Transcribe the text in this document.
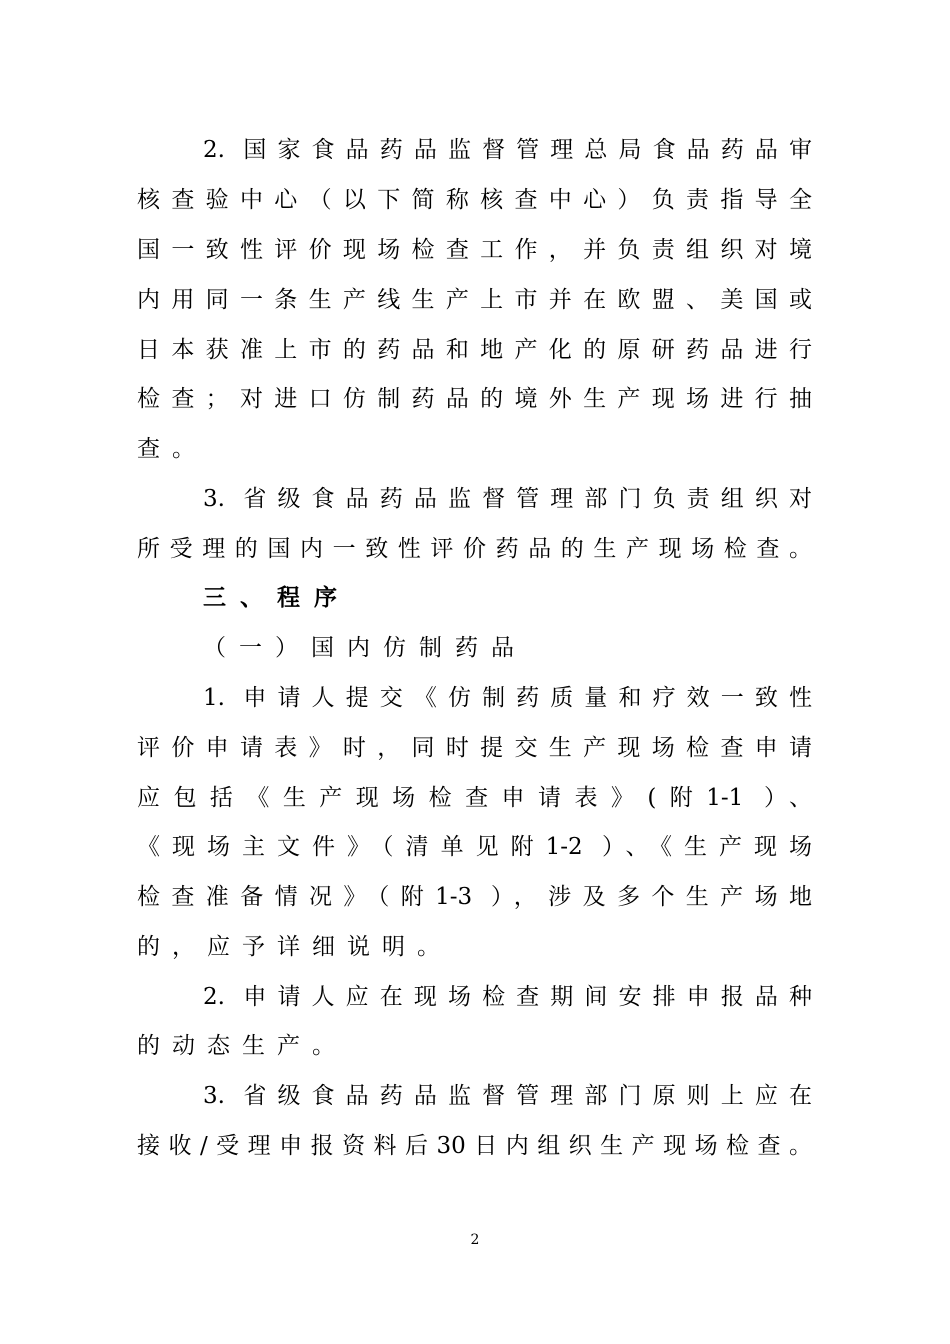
2. 国家食品药品监督管理总局食品药品审
核查验中心（以下简称核查中心）负责指导全
国一致性评价现场检查工作，并负责组织对境
内用同一条生产线生产上市并在欧盟、美国或
日本获准上市的药品和地产化的原研药品进行
检查；对进口仿制药品的境外生产现场进行抽
查。
3. 省级食品药品监督管理部门负责组织对
所受理的国内一致性评价药品的生产现场检查。
三、程序
（一）国内仿制药品
1. 申请人提交《仿制药质量和疗效一致性
评价申请表》时，同时提交生产现场检查申请
应包括《生产现场检查申请表》(附1-1 ）、
《现场主文件》（清单见附1-2 ）、《生产现场
检查准备情况》（附1-3 ），涉及多个生产场地
的，应予详细说明。
2. 申请人应在现场检查期间安排申报品种
的动态生产。
3. 省级食品药品监督管理部门原则上应在
接收/受理申报资料后30日内组织生产现场检查。
2
